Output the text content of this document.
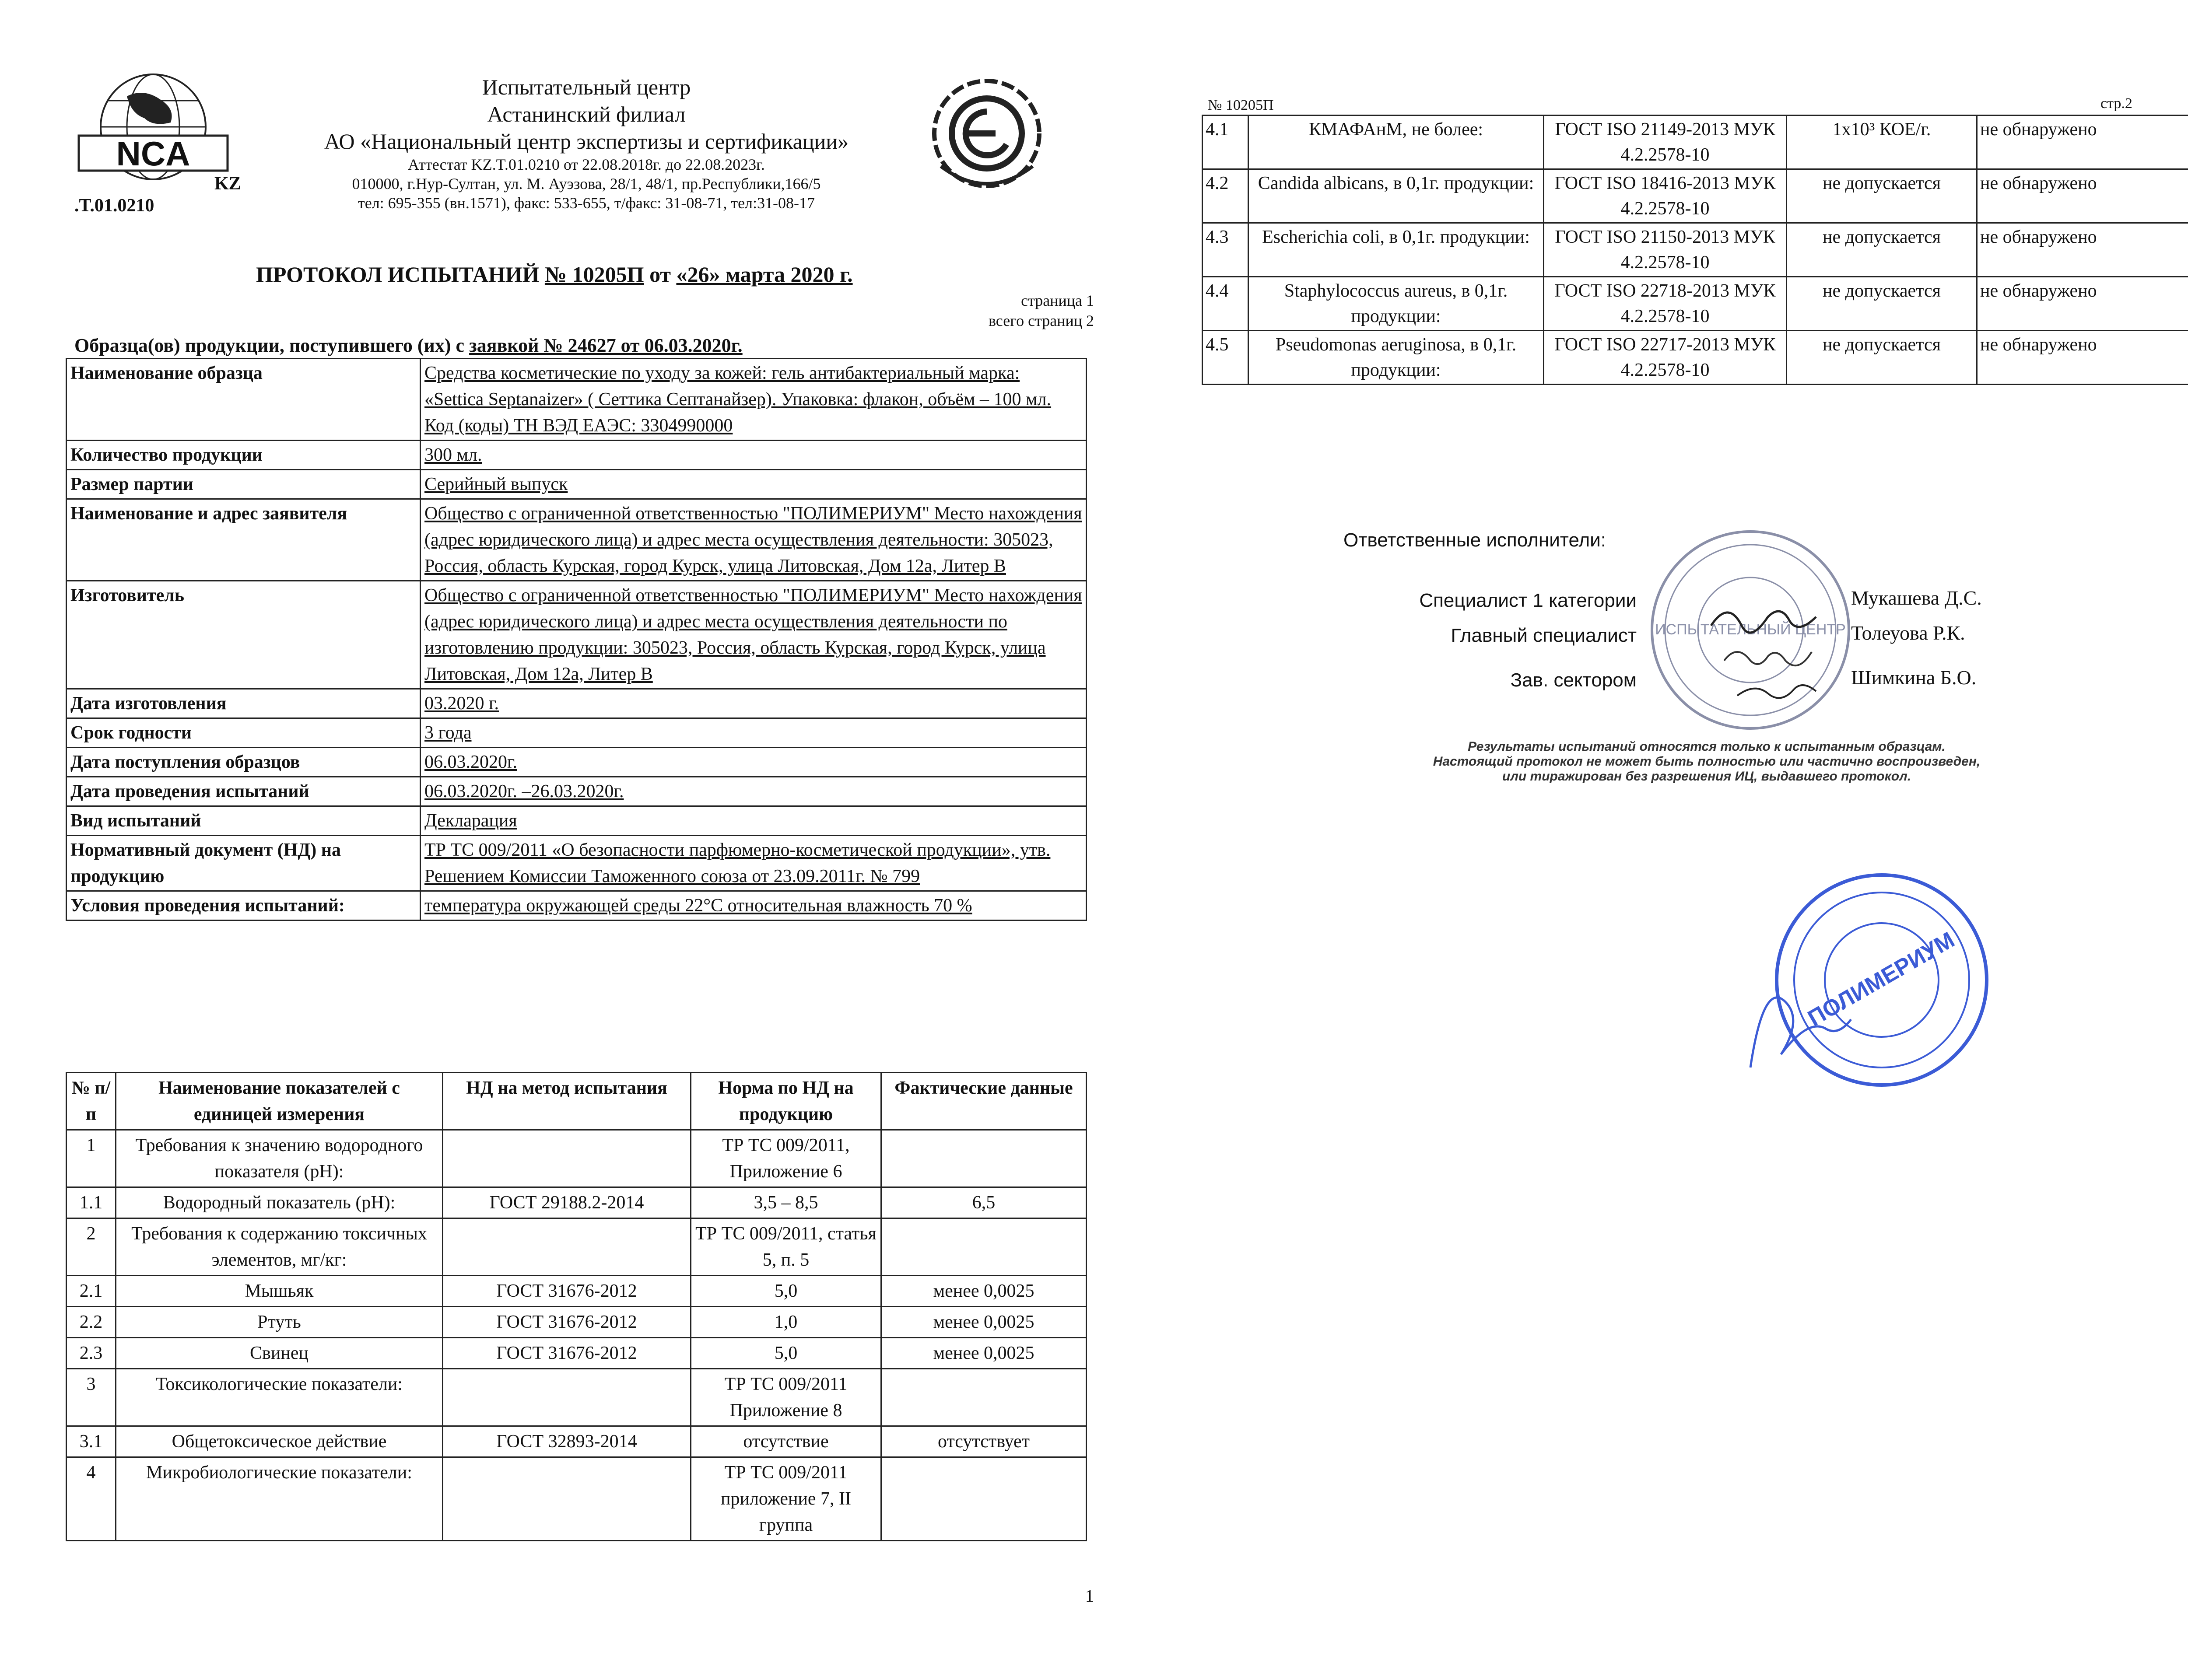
NCA
KZ
.T.01.0210
Испытательный центр
Астанинский филиал
АО «Национальный центр экспертизы и сертификации»
Аттестат KZ.T.01.0210 от 22.08.2018г. до 22.08.2023г.
010000, г.Нур-Султан, ул. М. Ауэзова, 28/1, 48/1, пр.Республики,166/5
тел: 695-355 (вн.1571), факс: 533-655, т/факс: 31-08-71, тел:31-08-17
ПРОТОКОЛ ИСПЫТАНИЙ № 10205П от «26» марта 2020 г.
страница 1
всего страниц 2
Образца(ов) продукции, поступившего (их) с заявкой № 24627 от 06.03.2020г.
Наименование образца	Средства косметические по уходу за кожей: гель антибактериальный марка: «Settica Septanaizer» ( Сеттика Септанайзер). Упаковка: флакон, объём – 100 мл. Код (коды) ТН ВЭД ЕАЭС: 3304990000
Количество продукции	300 мл.
Размер партии	Серийный выпуск
Наименование и адрес заявителя	Общество с ограниченной ответственностью "ПОЛИМЕРИУМ" Место нахождения (адрес юридического лица) и адрес места осуществления деятельности: 305023, Россия, область Курская, город Курск, улица Литовская, Дом 12а, Литер В
Изготовитель	Общество с ограниченной ответственностью "ПОЛИМЕРИУМ" Место нахождения (адрес юридического лица) и адрес места осуществления деятельности по изготовлению продукции: 305023, Россия, область Курская, город Курск, улица Литовская, Дом 12а, Литер В
Дата изготовления	03.2020 г.
Срок годности	3 года
Дата поступления образцов	06.03.2020г.
Дата проведения испытаний	06.03.2020г. –26.03.2020г.
Вид испытаний	Декларация
Нормативный документ (НД) на продукцию	ТР ТС 009/2011 «О безопасности парфюмерно-косметической продукции», утв. Решением Комиссии Таможенного союза от 23.09.2011г. № 799
Условия проведения испытаний:	температура окружающей среды 22°С относительная влажность 70 %
№ п/п	Наименование показателей с единицей измерения	НД на метод испытания	Норма по НД на продукцию	Фактические данные
1	Требования к значению водородного показателя (рН):		ТР ТС 009/2011, Приложение 6	
1.1	Водородный показатель (рН):	ГОСТ 29188.2-2014	3,5 – 8,5	6,5
2	Требования к содержанию токсичных элементов, мг/кг:		ТР ТС 009/2011, статья 5, п. 5	
2.1	Мышьяк	ГОСТ 31676-2012	5,0	менее 0,0025
2.2	Ртуть	ГОСТ 31676-2012	1,0	менее 0,0025
2.3	Свинец	ГОСТ 31676-2012	5,0	менее 0,0025
3	Токсикологические показатели:		ТР ТС 009/2011 Приложение 8	
3.1	Общетоксическое действие	ГОСТ 32893-2014	отсутствие	отсутствует
4	Микробиологические показатели:		ТР ТС 009/2011 приложение 7, II группа	
1
№ 10205П	стр.2
4.1	КМАФАнМ, не более:	ГОСТ ISO 21149-2013 МУК 4.2.2578-10	1х10³ КОЕ/г.	не обнаружено
4.2	Candida albicans, в 0,1г. продукции:	ГОСТ ISO 18416-2013 МУК 4.2.2578-10	не допускается	не обнаружено
4.3	Escherichia coli, в 0,1г. продукции:	ГОСТ ISO 21150-2013 МУК 4.2.2578-10	не допускается	не обнаружено
4.4	Staphylococcus aureus, в 0,1г. продукции:	ГОСТ ISO 22718-2013 МУК 4.2.2578-10	не допускается	не обнаружено
4.5	Pseudomonas aeruginosa, в 0,1г. продукции:	ГОСТ ISO 22717-2013 МУК 4.2.2578-10	не допускается	не обнаружено
Ответственные исполнители:
Специалист 1 категории	Мукашева Д.С.
Главный специалист	Толеуова Р.К.
Зав. сектором	Шимкина Б.О.
ИСПЫТАТЕЛЬНЫЙ ЦЕНТР
Результаты испытаний относятся только к испытанным образцам.
Настоящий протокол не может быть полностью или частично воспроизведен,
или тиражирован без разрешения ИЦ, выдавшего протокол.
ПОЛИМЕРИУМ
